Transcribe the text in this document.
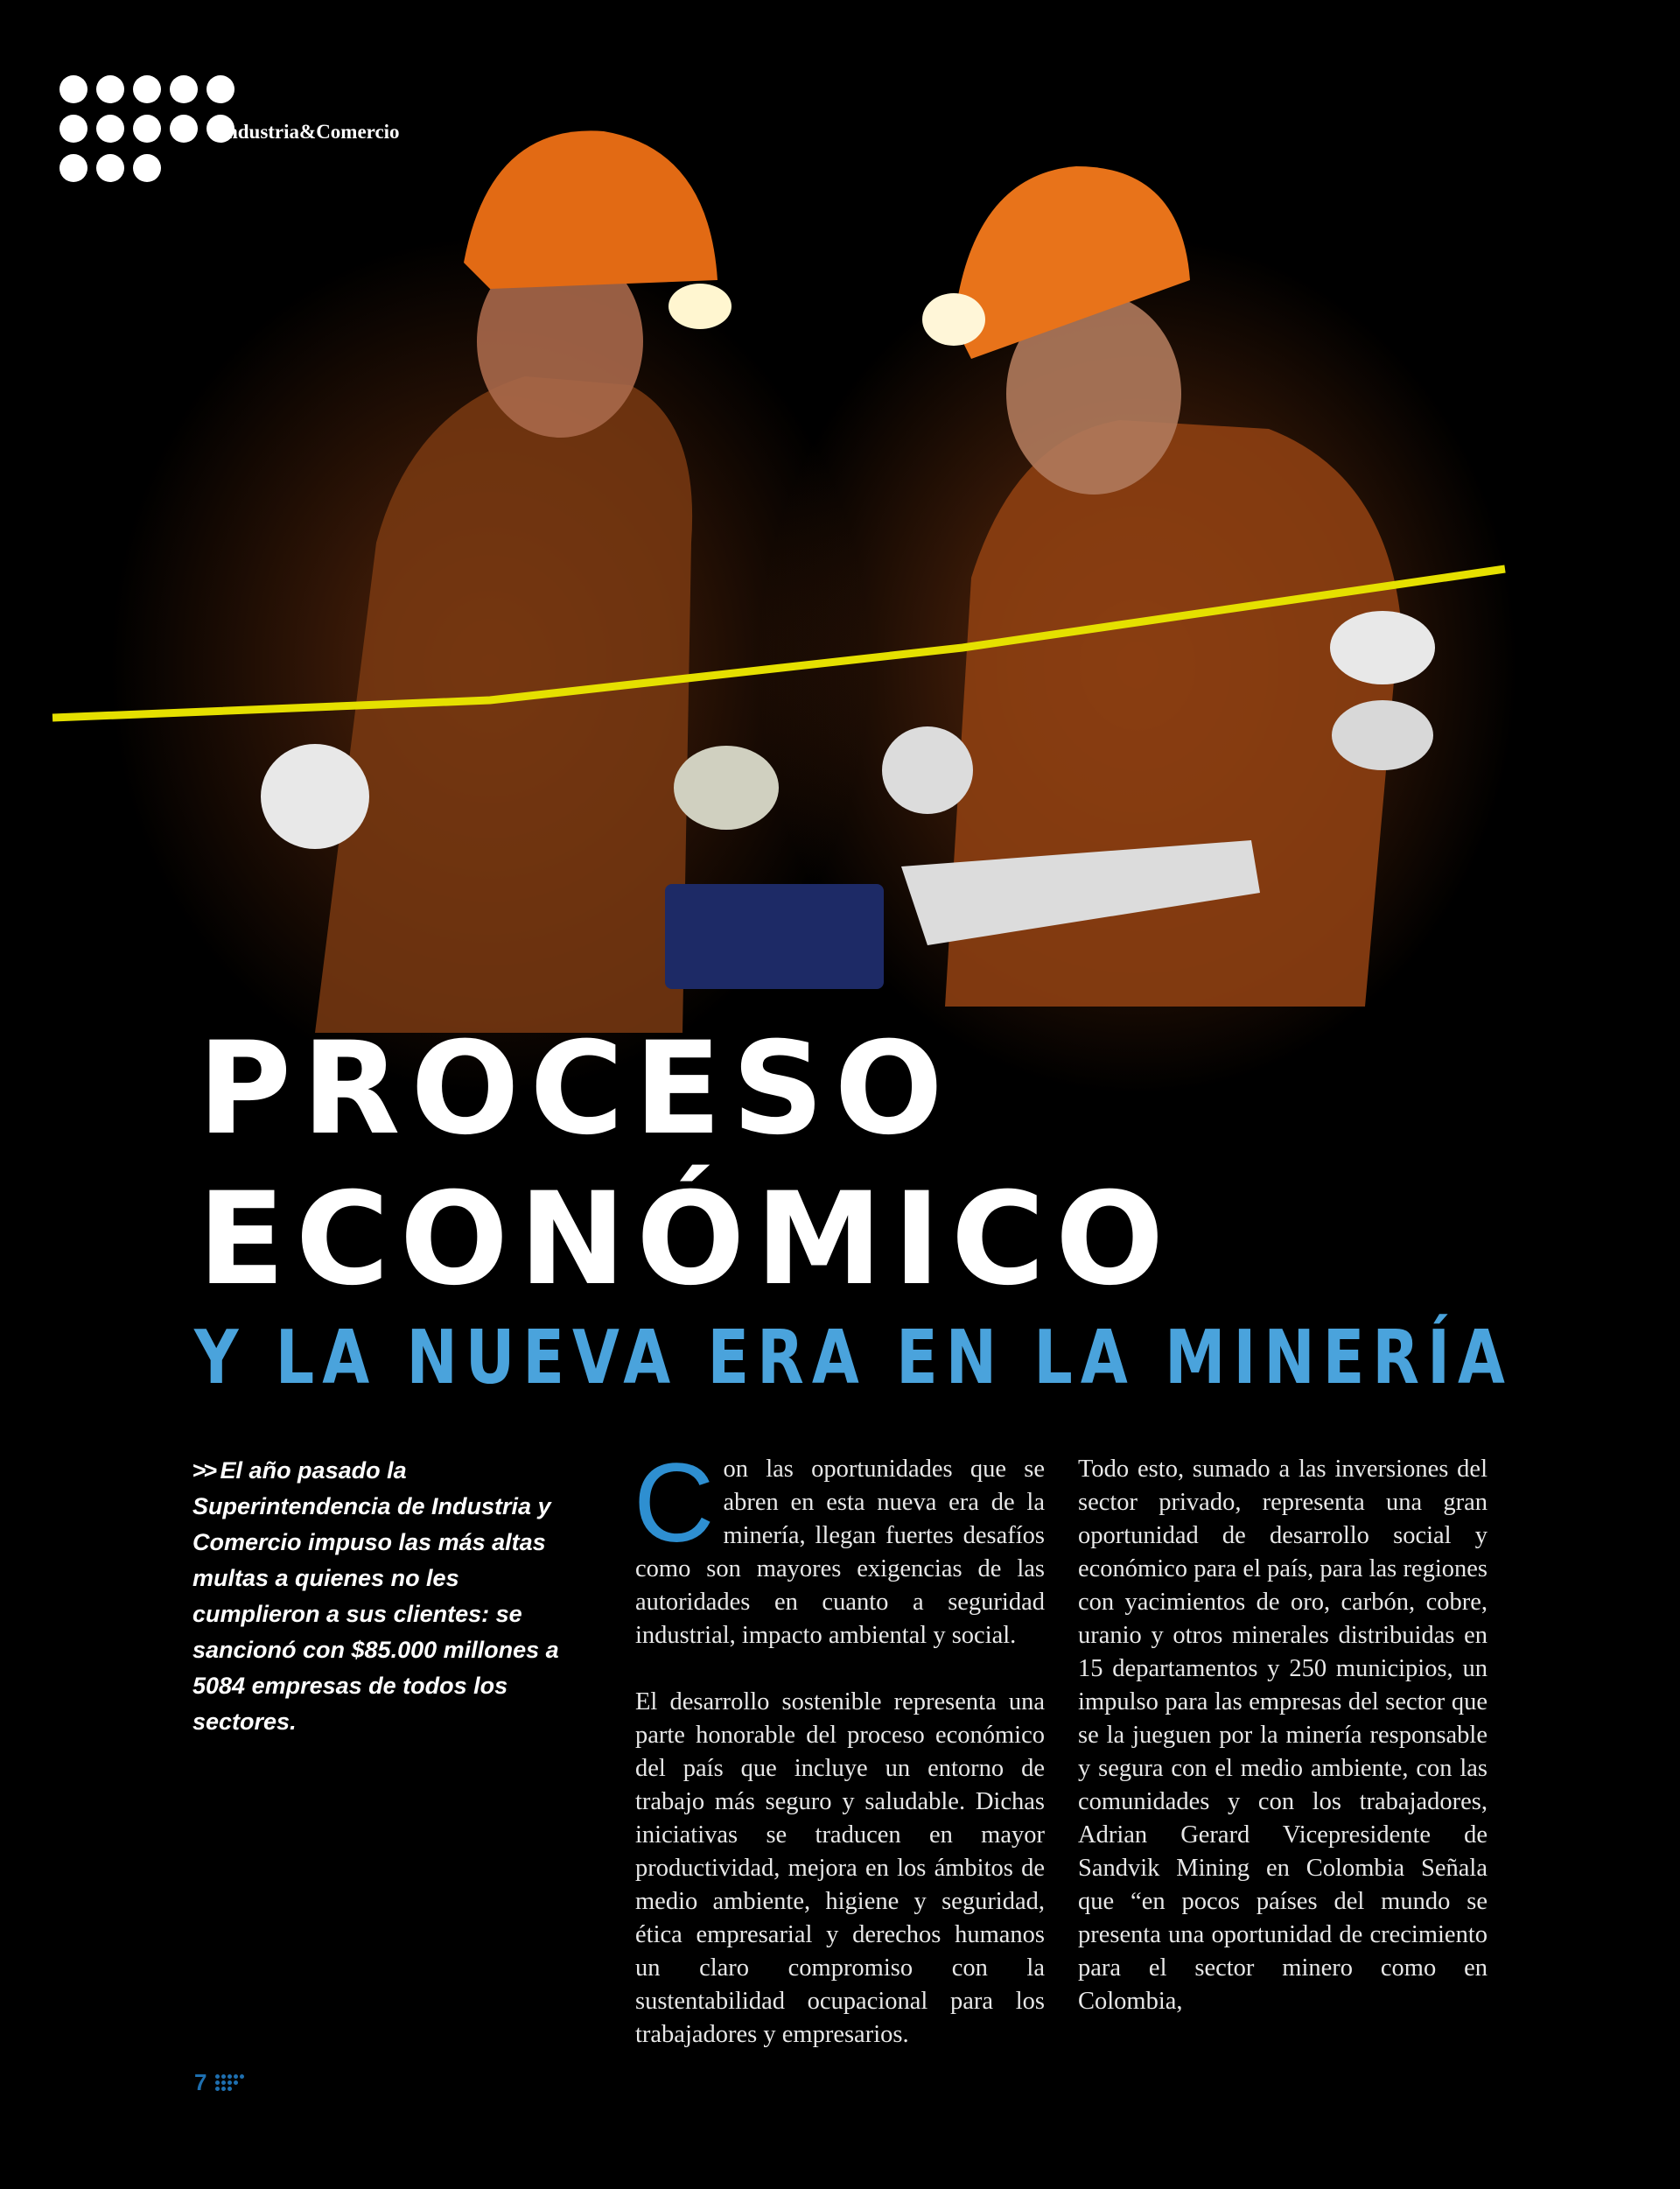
Industria&Comercio
PROCESO
ECONÓMICO
Y LA NUEVA ERA EN LA MINERÍA
>> El año pasado la Superintendencia de Industria y Comercio impuso las más altas multas a quienes no les cumplieron a sus clientes: se sancionó con $85.000 millones a 5084 empresas de todos los sectores.

Con las oportunidades que se abren en esta nueva era de la minería, llegan fuertes desafíos como son mayores exigencias de las autoridades en cuanto a seguridad industrial, impacto ambiental y social.

El desarrollo sostenible representa una parte honorable del proceso económico del país que incluye un entorno de trabajo más seguro y saludable. Dichas iniciativas se traducen en mayor productividad, mejora en los ámbitos de medio ambiente, higiene y seguridad, ética empresarial y derechos humanos un claro compromiso con la sustentabilidad ocupacional para los trabajadores y empresarios.

Todo esto, sumado a las inversiones del sector privado, representa una gran oportunidad de desarrollo social y económico para el país, para las regiones con yacimientos de oro, carbón, cobre, uranio y otros minerales distribuidas en 15 departamentos y 250 municipios, un impulso para las empresas del sector que se la jueguen por la minería responsable y segura con el medio ambiente, con las comunidades y con los trabajadores, Adrian Gerard Vicepresidente de Sandvik Mining en Colombia Señala que “en pocos países del mundo se presenta una oportunidad de crecimiento para el sector minero como en Colombia,

7
